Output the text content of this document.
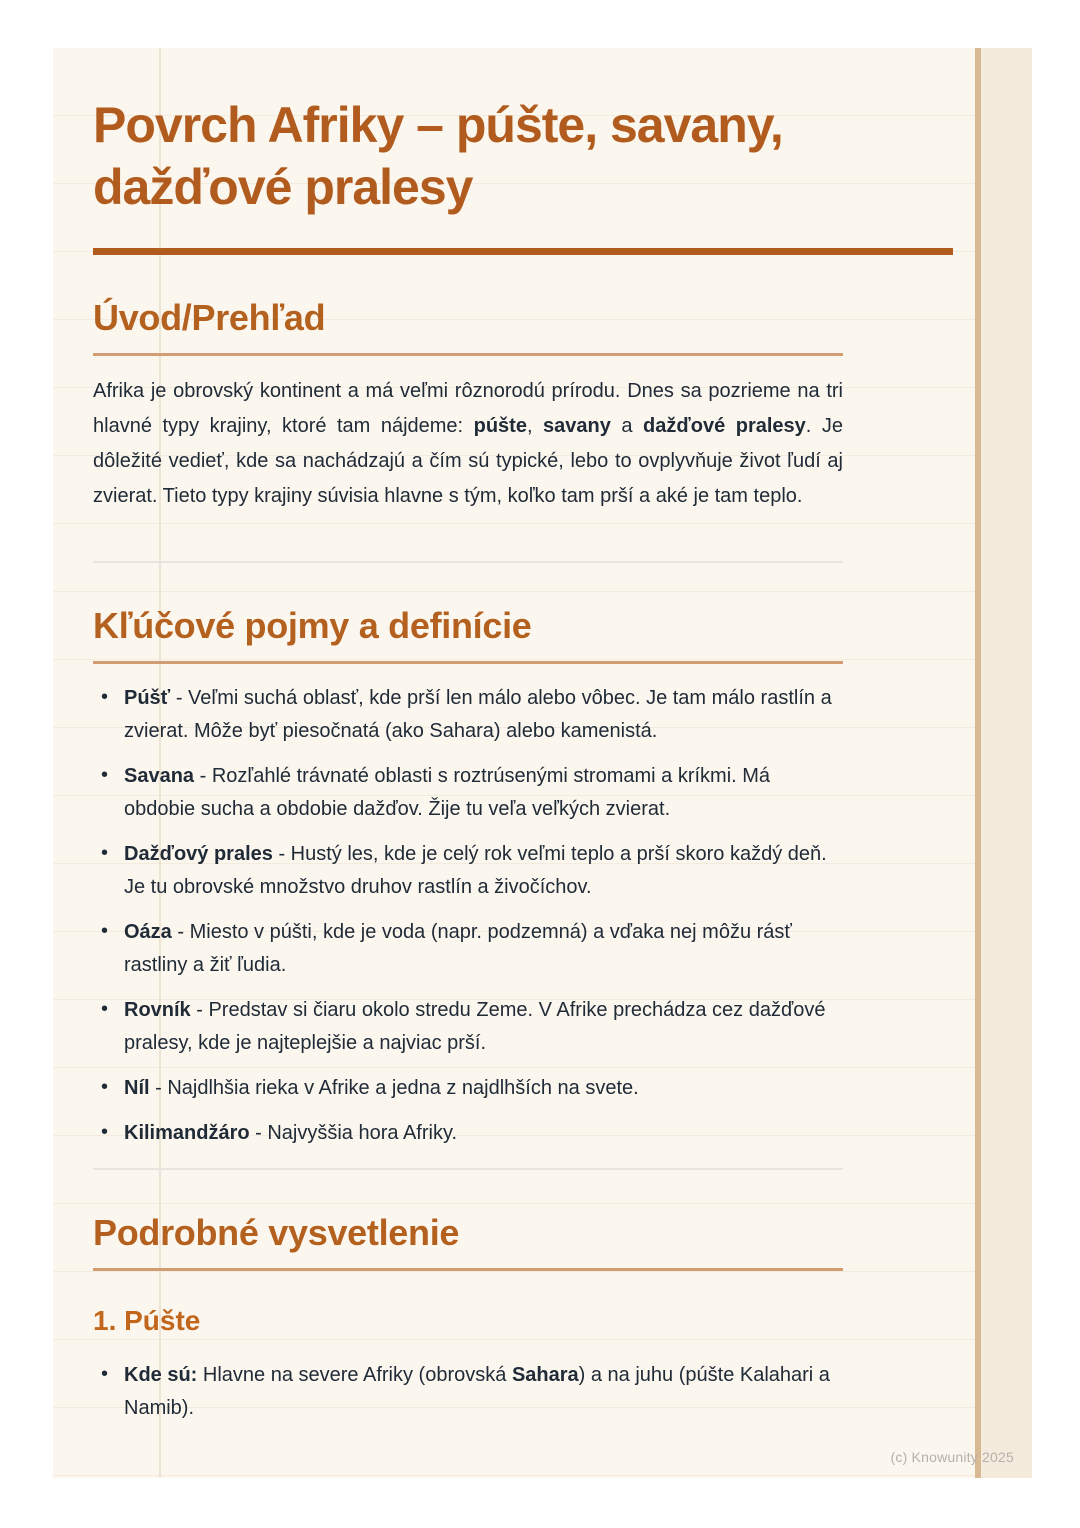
Povrch Afriky – púšte, savany,
dažďové pralesy
Úvod/Prehľad

Afrika je obrovský kontinent a má veľmi rôznorodú prírodu. Dnes sa pozrieme na tri hlavné typy krajiny, ktoré tam nájdeme: púšte, savany a dažďové pralesy. Je dôležité vedieť, kde sa nachádzajú a čím sú typické, lebo to ovplyvňuje život ľudí aj zvierat. Tieto typy krajiny súvisia hlavne s tým, koľko tam prší a aké je tam teplo.

Kľúčové pojmy a definície
• Púšť - Veľmi suchá oblasť, kde prší len málo alebo vôbec. Je tam málo rastlín a zvierat. Môže byť piesočnatá (ako Sahara) alebo kamenistá.
• Savana - Rozľahlé trávnaté oblasti s roztrúsenými stromami a kríkmi. Má obdobie sucha a obdobie dažďov. Žije tu veľa veľkých zvierat.
• Dažďový prales - Hustý les, kde je celý rok veľmi teplo a prší skoro každý deň. Je tu obrovské množstvo druhov rastlín a živočíchov.
• Oáza - Miesto v púšti, kde je voda (napr. podzemná) a vďaka nej môžu rásť rastliny a žiť ľudia.
• Rovník - Predstav si čiaru okolo stredu Zeme. V Afrike prechádza cez dažďové pralesy, kde je najteplejšie a najviac prší.
• Níl - Najdlhšia rieka v Afrike a jedna z najdlhších na svete.
• Kilimandžáro - Najvyššia hora Afriky.
Podrobné vysvetlenie
1. Púšte
• Kde sú: Hlavne na severe Afriky (obrovská Sahara) a na juhu (púšte Kalahari a Namib).
(c) Knowunity 2025
